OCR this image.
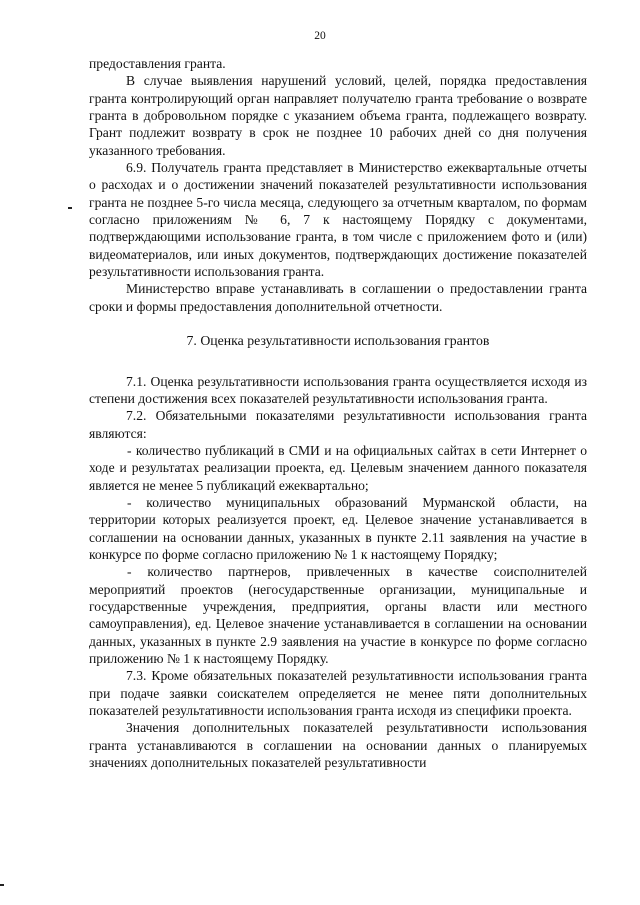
20

предоставления гранта.

В случае выявления нарушений условий, целей, порядка предоставления гранта контролирующий орган направляет получателю гранта требование о возврате гранта в добровольном порядке с указанием объема гранта, подлежащего возврату. Грант подлежит возврату в срок не позднее 10 рабочих дней со дня получения указанного требования.

6.9. Получатель гранта представляет в Министерство ежеквартальные отчеты о расходах и о достижении значений показателей результативности использования гранта не позднее 5-го числа месяца, следующего за отчетным кварталом, по формам согласно приложениям № 6, 7 к настоящему Порядку с документами, подтверждающими использование гранта, в том числе с приложением фото и (или) видеоматериалов, или иных документов, подтверждающих достижение показателей результативности использования гранта.

Министерство вправе устанавливать в соглашении о предоставлении гранта сроки и формы предоставления дополнительной отчетности.

7. Оценка результативности использования грантов

7.1. Оценка результативности использования гранта осуществляется исходя из степени достижения всех показателей результативности использования гранта.

7.2. Обязательными показателями результативности использования гранта являются:

- количество публикаций в СМИ и на официальных сайтах в сети Интернет о ходе и результатах реализации проекта, ед. Целевым значением данного показателя является не менее 5 публикаций ежеквартально;

- количество муниципальных образований Мурманской области, на территории которых реализуется проект, ед. Целевое значение устанавливается в соглашении на основании данных, указанных в пункте 2.11 заявления на участие в конкурсе по форме согласно приложению № 1 к настоящему Порядку;

- количество партнеров, привлеченных в качестве соисполнителей мероприятий проектов (негосударственные организации, муниципальные и государственные учреждения, предприятия, органы власти или местного самоуправления), ед. Целевое значение устанавливается в соглашении на основании данных, указанных в пункте 2.9 заявления на участие в конкурсе по форме согласно приложению № 1 к настоящему Порядку.

7.3. Кроме обязательных показателей результативности использования гранта при подаче заявки соискателем определяется не менее пяти дополнительных показателей результативности использования гранта исходя из специфики проекта.

Значения дополнительных показателей результативности использования гранта устанавливаются в соглашении на основании данных о планируемых значениях дополнительных показателей результативности
